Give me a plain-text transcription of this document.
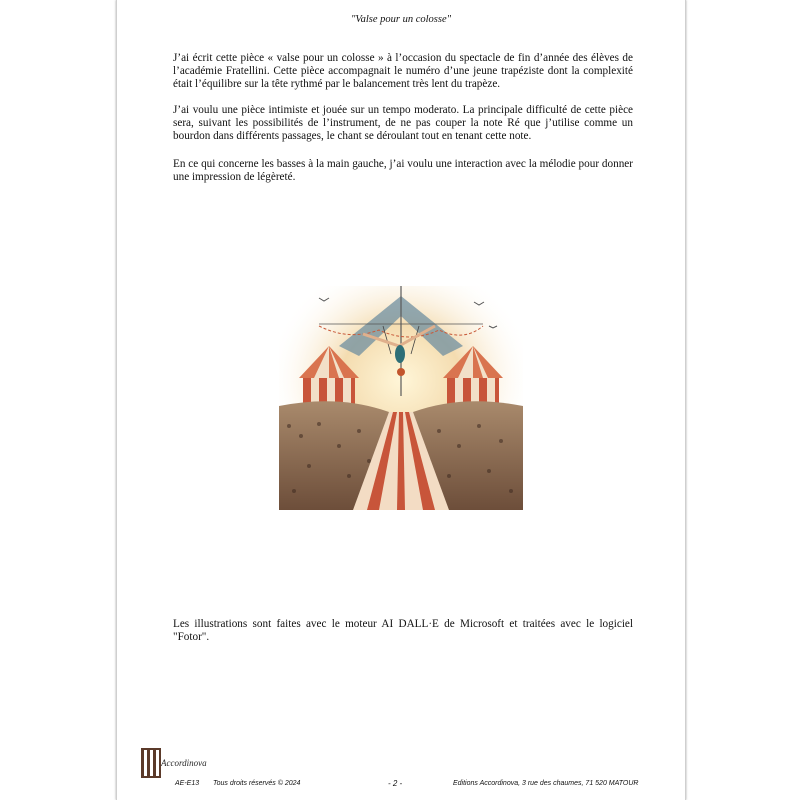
"Valse pour un colosse"

J’ai écrit cette pièce « valse pour un colosse » à l’occasion du spectacle de fin d’année des élèves de l’académie Fratellini. Cette pièce accompagnait le numéro d’une jeune trapéziste dont la complexité était l’équilibre sur la tête rythmé par le balancement très lent du trapèze.

J’ai voulu une pièce intimiste et jouée sur un tempo moderato. La principale difficulté de cette pièce sera, suivant les possibilités de l’instrument, de ne pas couper la note Ré que j’utilise comme un bourdon dans différents passages, le chant se déroulant tout en tenant cette note.

En ce qui concerne les basses à la main gauche, j’ai voulu une interaction avec la mélodie pour donner une impression de légèreté.

Les illustrations sont faites avec le moteur AI DALL·E de Microsoft et traitées avec le logiciel "Fotor".

Accordinova
AE-E13 Tous droits réservés © 2024	- 2 -	Editions Accordinova, 3 rue des chaumes, 71 520 MATOUR
